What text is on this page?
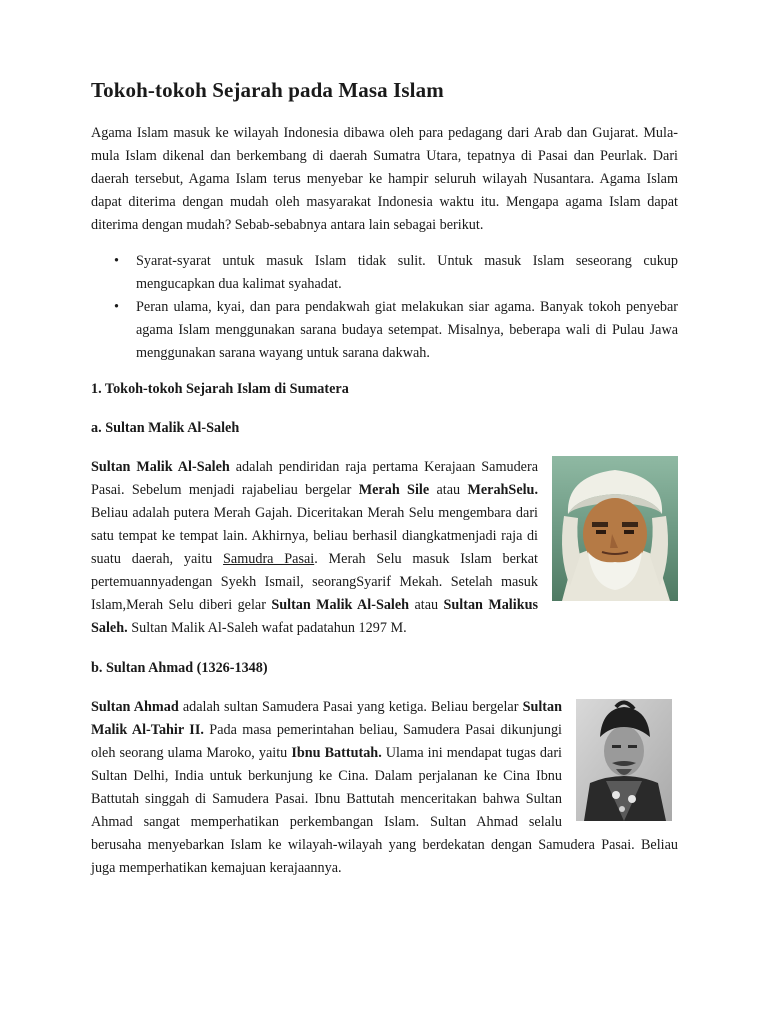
Tokoh-tokoh Sejarah pada Masa Islam

Agama Islam masuk ke wilayah Indonesia dibawa oleh para pedagang dari Arab dan Gujarat. Mula-mula Islam dikenal dan berkembang di daerah Sumatra Utara, tepatnya di Pasai dan Peurlak. Dari daerah tersebut, Agama Islam terus menyebar ke hampir seluruh wilayah Nusantara. Agama Islam dapat diterima dengan mudah oleh masyarakat Indonesia waktu itu. Mengapa agama Islam dapat diterima dengan mudah? Sebab-sebabnya antara lain sebagai berikut.

• Syarat-syarat untuk masuk Islam tidak sulit. Untuk masuk Islam seseorang cukup mengucapkan dua kalimat syahadat.
• Peran ulama, kyai, dan para pendakwah giat melakukan siar agama. Banyak tokoh penyebar agama Islam menggunakan sarana budaya setempat. Misalnya, beberapa wali di Pulau Jawa menggunakan sarana wayang untuk sarana dakwah.
1. Tokoh-tokoh Sejarah Islam di Sumatera
a. Sultan Malik Al-Saleh

Sultan Malik Al-Saleh adalah pendiridan raja pertama Kerajaan Samudera Pasai. Sebelum menjadi rajabeliau bergelar Merah Sile atau MerahSelu. Beliau adalah putera Merah Gajah. Diceritakan Merah Selu mengembara dari satu tempat ke tempat lain. Akhirnya, beliau berhasil diangkatmenjadi raja di suatu daerah, yaitu Samudra Pasai. Merah Selu masuk Islam berkat pertemuannyadengan Syekh Ismail, seorangSyarif Mekah. Setelah masuk Islam,Merah Selu diberi gelar Sultan Malik Al-Saleh atau Sultan Malikus Saleh. Sultan Malik Al-Saleh wafat padatahun 1297 M.

b. Sultan Ahmad (1326-1348)

Sultan Ahmad adalah sultan Samudera Pasai yang ketiga. Beliau bergelar Sultan Malik Al-Tahir II. Pada masa pemerintahan beliau, Samudera Pasai dikunjungi oleh seorang ulama Maroko, yaitu Ibnu Battutah. Ulama ini mendapat tugas dari Sultan Delhi, India untuk berkunjung ke Cina. Dalam perjalanan ke Cina Ibnu Battutah singgah di Samudera Pasai. Ibnu Battutah menceritakan bahwa Sultan Ahmad sangat memperhatikan perkembangan Islam. Sultan Ahmad selalu berusaha menyebarkan Islam ke wilayah-wilayah yang berdekatan dengan Samudera Pasai. Beliau juga memperhatikan kemajuan kerajaannya.
